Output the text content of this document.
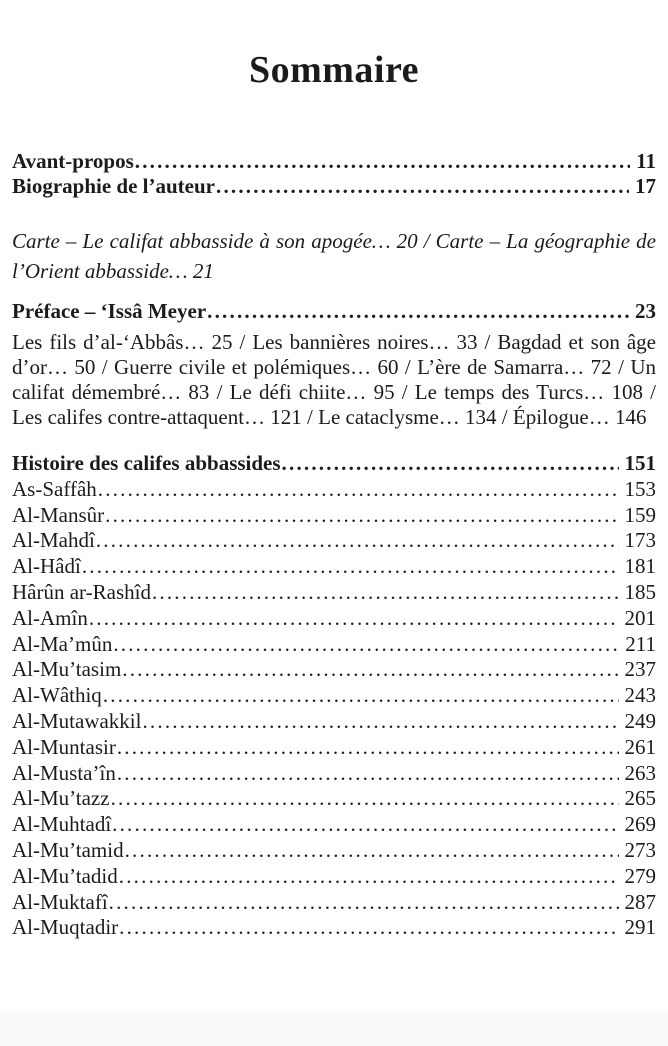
Sommaire
Avant-propos .....	11
Biographie de l’auteur .....	17

Carte – Le califat abbasside à son apogée… 20 / Carte – La géographie de l’Orient abbasside… 21

Préface – ‘Issâ Meyer .....	23

Les fils d’al-‘Abbâs… 25 / Les bannières noires… 33 / Bagdad et son âge d’or… 50 / Guerre civile et polémiques… 60 / L’ère de Samarra… 72 / Un califat démembré… 83 / Le défi chiite… 95 / Le temps des Turcs… 108 / Les califes contre-attaquent… 121 / Le cataclysme… 134 / Épilogue… 146

Histoire des califes abbassides .....	151
As-Saffâh .....	153
Al-Mansûr .....	159
Al-Mahdî .....	173
Al-Hâdî .....	181
Hârûn ar-Rashîd .....	185
Al-Amîn .....	201
Al-Ma’mûn .....	211
Al-Mu’tasim .....	237
Al-Wâthiq .....	243
Al-Mutawakkil .....	249
Al-Muntasir .....	261
Al-Musta’în .....	263
Al-Mu’tazz .....	265
Al-Muhtadî .....	269
Al-Mu’tamid .....	273
Al-Mu’tadid .....	279
Al-Muktafî .....	287
Al-Muqtadir .....	291
